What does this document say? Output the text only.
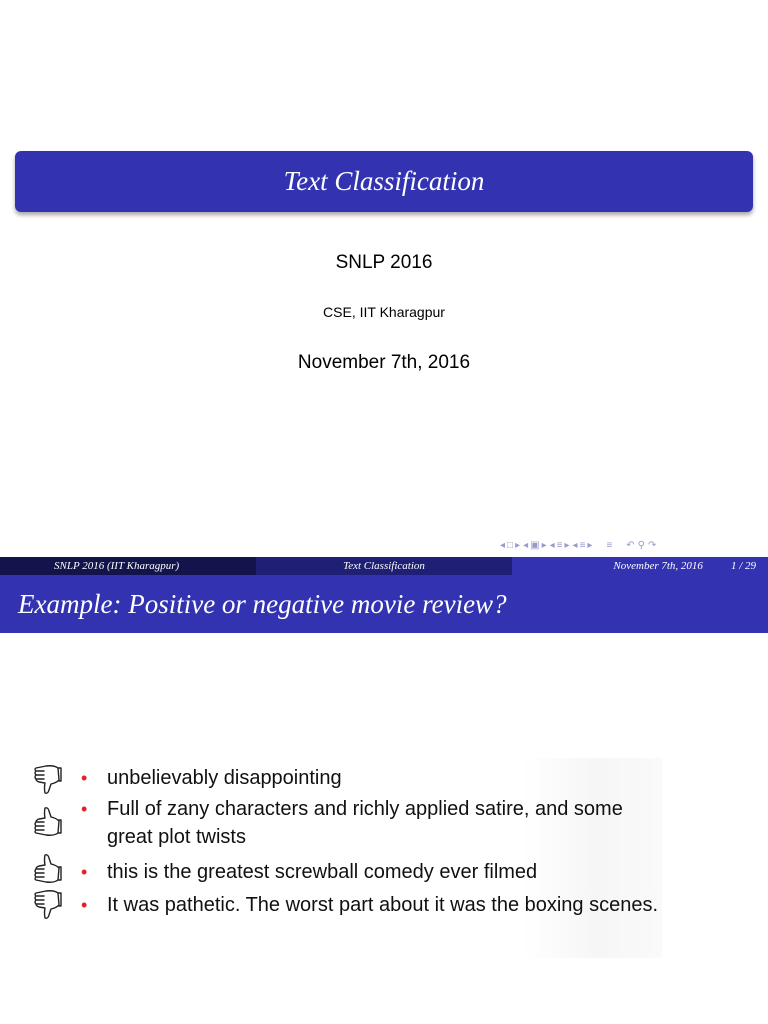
Text Classification
SNLP 2016
CSE, IIT Kharagpur
November 7th, 2016
◂ □ ▸ ◂ ▣ ▸ ◂ ≡ ▸ ◂ ≡ ▸ ≡ ↶ ⚲ ↷
SNLP 2016 (IIT Kharagpur)	Text Classification	November 7th, 2016	1 / 29
Example: Positive or negative movie review?
• unbelievably disappointing
• Full of zany characters and richly applied satire, and some great plot twists
• this is the greatest screwball comedy ever filmed
• It was pathetic. The worst part about it was the boxing scenes.
